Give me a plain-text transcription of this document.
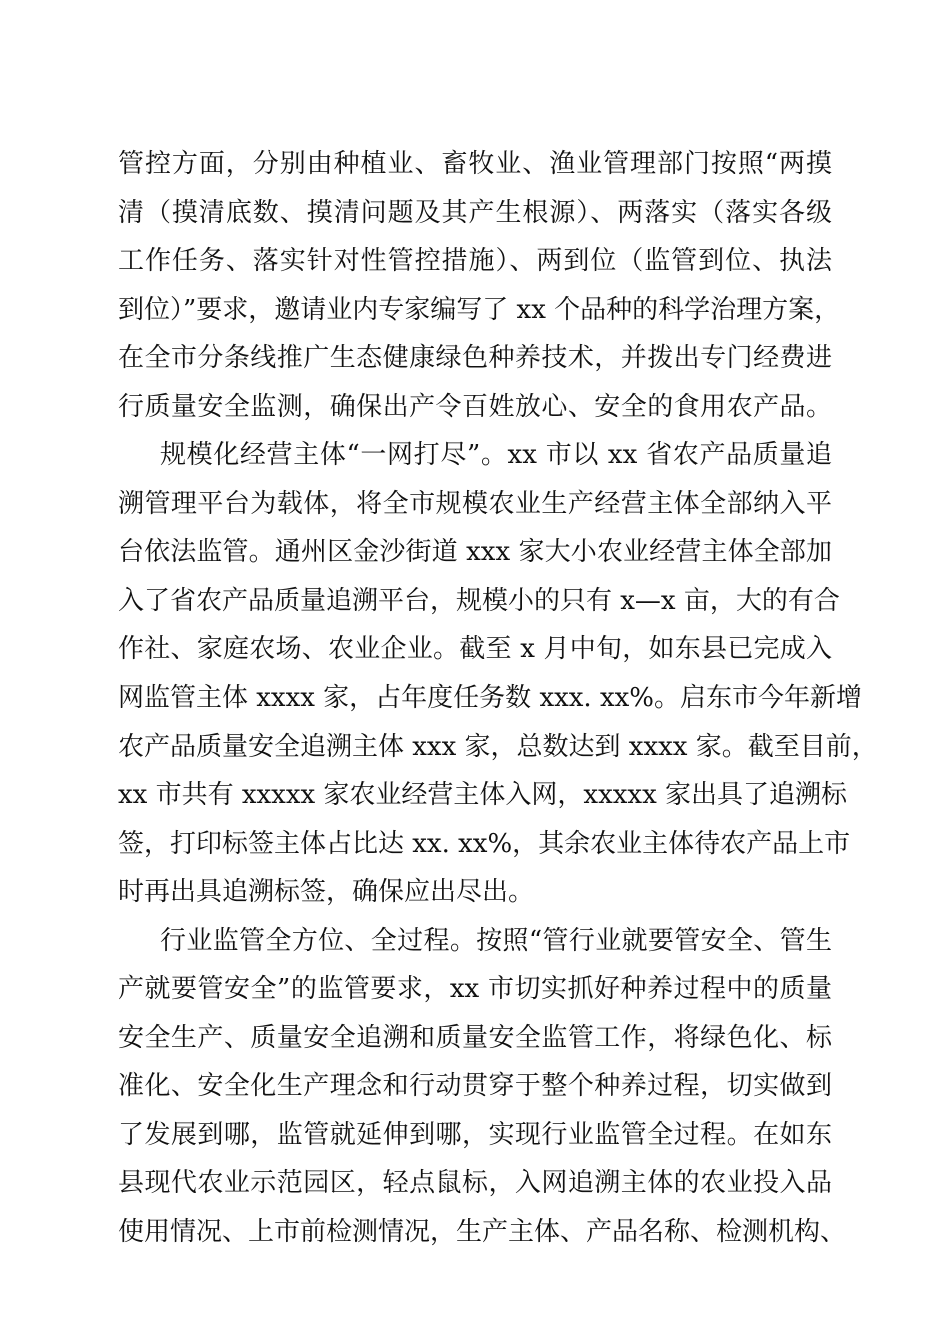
管控方面，分别由种植业、畜牧业、渔业管理部门按照“两摸
清（摸清底数、摸清问题及其产生根源）、两落实（落实各级
工作任务、落实针对性管控措施）、两到位（监管到位、执法
到位）”要求，邀请业内专家编写了 xx 个品种的科学治理方案，
在全市分条线推广生态健康绿色种养技术，并拨出专门经费进
行质量安全监测，确保出产令百姓放心、安全的食用农产品。
规模化经营主体“一网打尽”。xx 市以 xx 省农产品质量追
溯管理平台为载体，将全市规模农业生产经营主体全部纳入平
台依法监管。通州区金沙街道 xxx 家大小农业经营主体全部加
入了省农产品质量追溯平台，规模小的只有 x—x 亩，大的有合
作社、家庭农场、农业企业。截至 x 月中旬，如东县已完成入
网监管主体 xxxx 家，占年度任务数 xxx. xx%。启东市今年新增
农产品质量安全追溯主体 xxx 家，总数达到 xxxx 家。截至目前，
xx 市共有 xxxxx 家农业经营主体入网，xxxxx 家出具了追溯标
签，打印标签主体占比达 xx. xx%，其余农业主体待农产品上市
时再出具追溯标签，确保应出尽出。
行业监管全方位、全过程。按照“管行业就要管安全、管生
产就要管安全”的监管要求，xx 市切实抓好种养过程中的质量
安全生产、质量安全追溯和质量安全监管工作，将绿色化、标
准化、安全化生产理念和行动贯穿于整个种养过程，切实做到
了发展到哪，监管就延伸到哪，实现行业监管全过程。在如东
县现代农业示范园区，轻点鼠标，入网追溯主体的农业投入品
使用情况、上市前检测情况，生产主体、产品名称、检测机构、
